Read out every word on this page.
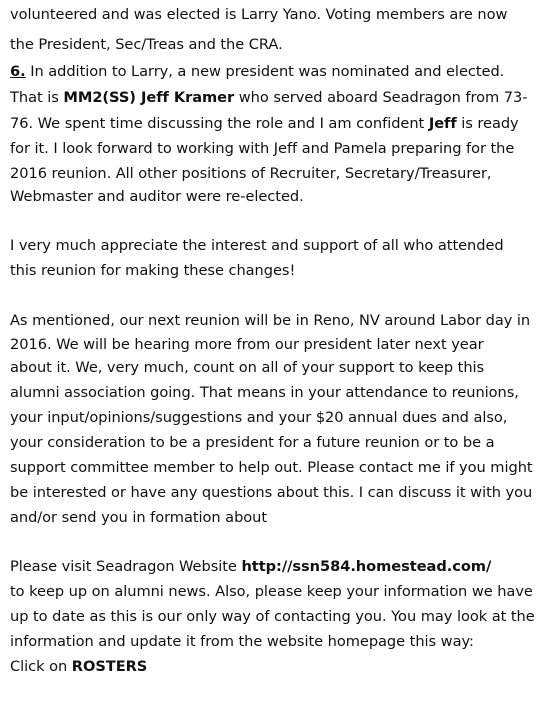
volunteered and was elected is Larry Yano. Voting members are now
the President, Sec/Treas and the CRA.
6. In addition to Larry, a new president was nominated and elected.
That is MM2(SS) Jeff Kramer who served aboard Seadragon from 73-
76. We spent time discussing the role and I am confident Jeff is ready
for it. I look forward to working with Jeff and Pamela preparing for the
2016 reunion. All other positions of Recruiter, Secretary/Treasurer,
Webmaster and auditor were re-elected.
I very much appreciate the interest and support of all who attended
this reunion for making these changes!
As mentioned, our next reunion will be in Reno, NV around Labor day in
2016. We will be hearing more from our president later next year
about it. We, very much, count on all of your support to keep this
alumni association going. That means in your attendance to reunions,
your input/opinions/suggestions and your $20 annual dues and also,
your consideration to be a president for a future reunion or to be a
support committee member to help out. Please contact me if you might
be interested or have any questions about this. I can discuss it with you
and/or send you in formation about
Please visit Seadragon Website http://ssn584.homestead.com/
to keep up on alumni news. Also, please keep your information we have
up to date as this is our only way of contacting you. You may look at the
information and update it from the website homepage this way:
Click on ROSTERS
